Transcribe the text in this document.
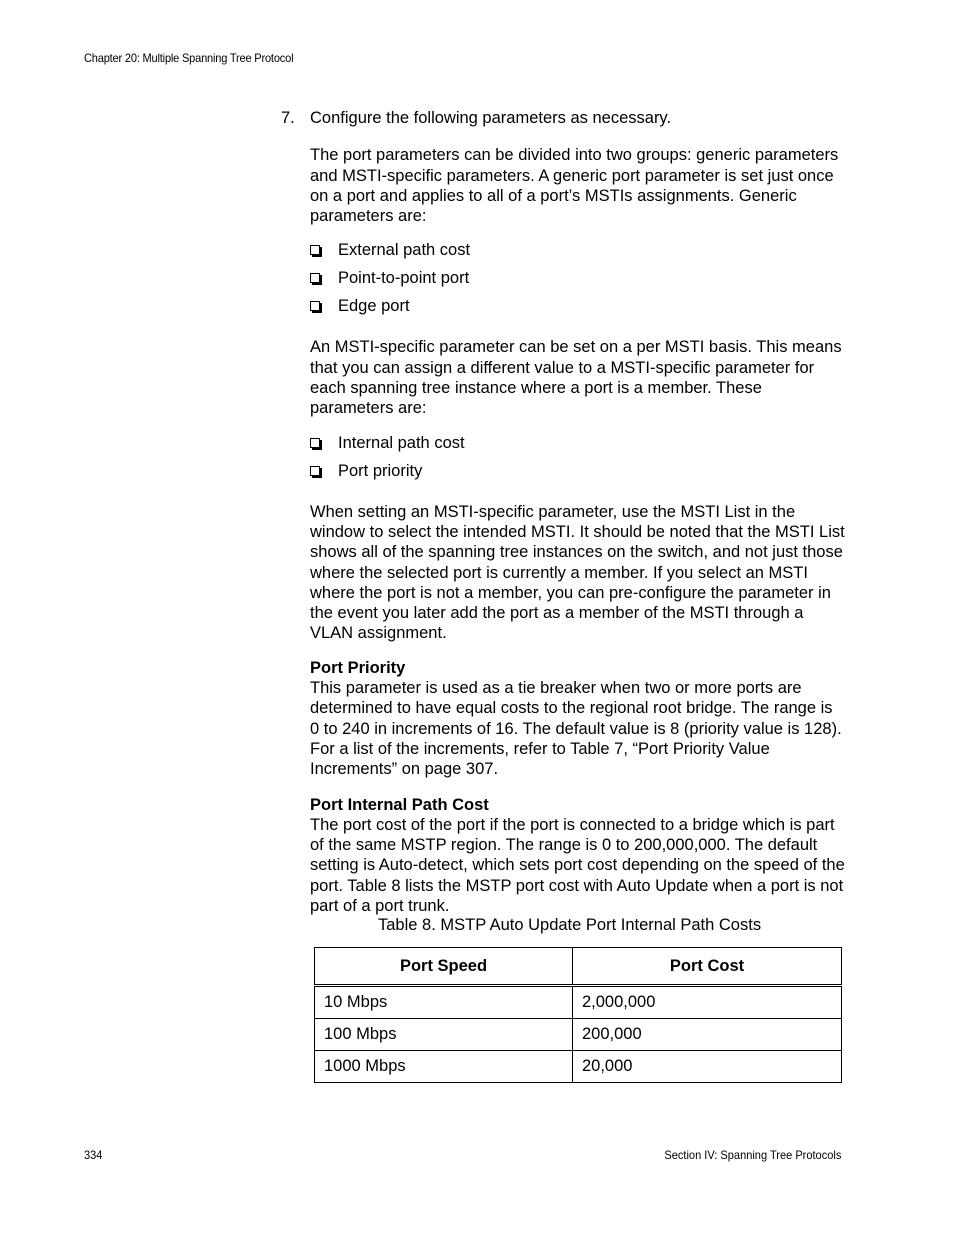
Chapter 20: Multiple Spanning Tree Protocol
7. Configure the following parameters as necessary.

The port parameters can be divided into two groups: generic parameters and MSTI-specific parameters. A generic port parameter is set just once on a port and applies to all of a port’s MSTIs assignments. Generic parameters are:

External path cost
Point-to-point port
Edge port

An MSTI-specific parameter can be set on a per MSTI basis. This means that you can assign a different value to a MSTI-specific parameter for each spanning tree instance where a port is a member. These parameters are:

Internal path cost
Port priority

When setting an MSTI-specific parameter, use the MSTI List in the window to select the intended MSTI. It should be noted that the MSTI List shows all of the spanning tree instances on the switch, and not just those where the selected port is currently a member. If you select an MSTI where the port is not a member, you can pre-configure the parameter in the event you later add the port as a member of the MSTI through a VLAN assignment.

Port Priority

This parameter is used as a tie breaker when two or more ports are determined to have equal costs to the regional root bridge. The range is 0 to 240 in increments of 16. The default value is 8 (priority value is 128). For a list of the increments, refer to Table 7, “Port Priority Value Increments” on page 307.

Port Internal Path Cost

The port cost of the port if the port is connected to a bridge which is part of the same MSTP region. The range is 0 to 200,000,000. The default setting is Auto-detect, which sets port cost depending on the speed of the port. Table 8 lists the MSTP port cost with Auto Update when a port is not part of a port trunk.

Table 8. MSTP Auto Update Port Internal Path Costs
Port Speed	Port Cost
10 Mbps	2,000,000
100 Mbps	200,000
1000 Mbps	20,000
334	Section IV: Spanning Tree Protocols
